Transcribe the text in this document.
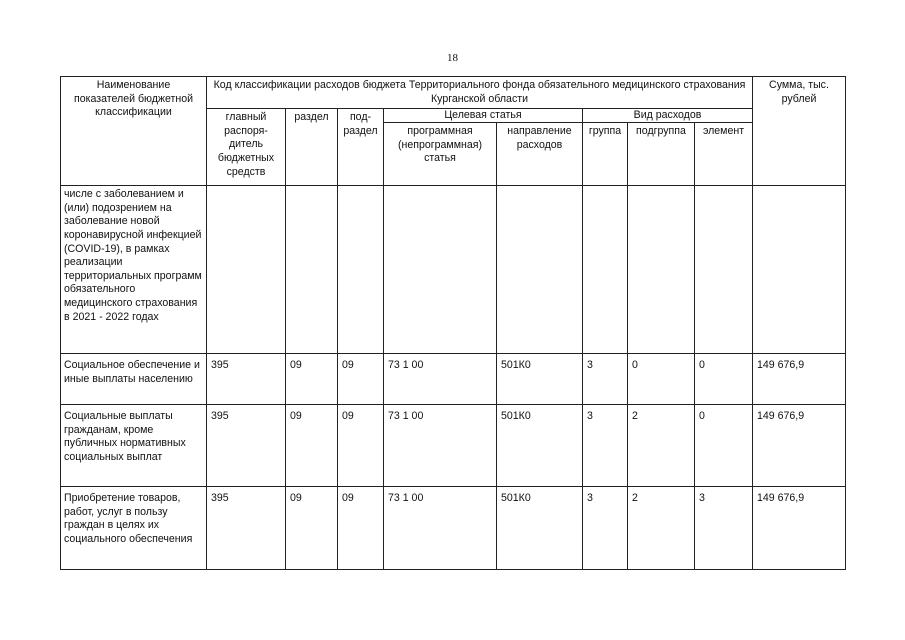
18
Наименование показателей бюджетной классификации	Код классификации расходов бюджета Территориального фонда обязательного медицинского страхования Курганской области								Сумма, тыс. рублей
	главный распоря-дитель бюджетных средств	раздел	под-раздел	Целевая статья		Вид расходов			
				программная (непрограммная) статья	направление расходов	группа	подгруппа	элемент	

числе с заболеванием и (или) подозрением на заболевание новой коронавирусной инфекцией (COVID-19), в рамках реализации территориальных программ обязательного медицинского страхования в 2021 - 2022 годах									
Социальное обеспечение и иные выплаты населению	395	09	09	73 1 00	501К0	3	0	0	149 676,9
Социальные выплаты гражданам, кроме публичных нормативных социальных выплат	395	09	09	73 1 00	501К0	3	2	0	149 676,9
Приобретение товаров, работ, услуг в пользу граждан в целях их социального обеспечения	395	09	09	73 1 00	501К0	3	2	3	149 676,9
